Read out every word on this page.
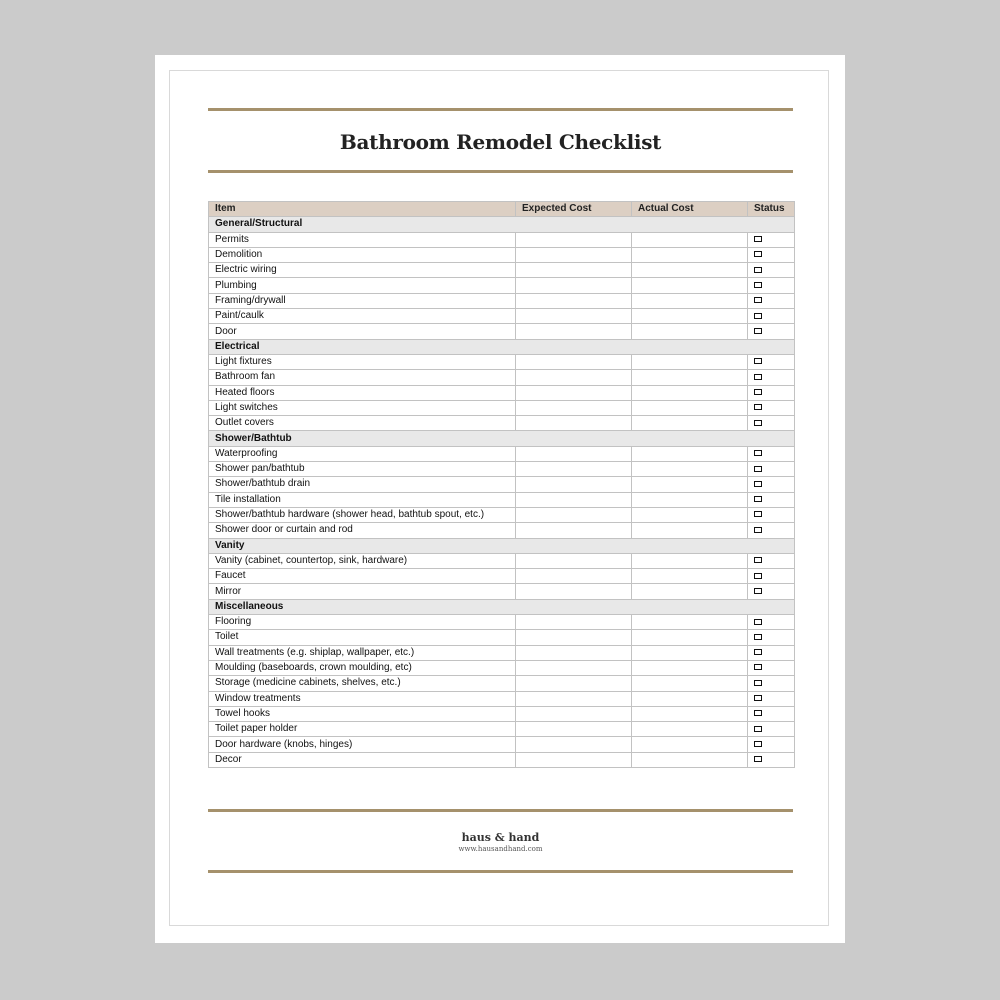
Bathroom Remodel Checklist
Item	Expected Cost	Actual Cost	Status
General/Structural			
Permits			
Demolition			
Electric wiring			
Plumbing			
Framing/drywall			
Paint/caulk			
Door			
Electrical			
Light fixtures			
Bathroom fan			
Heated floors			
Light switches			
Outlet covers			
Shower/Bathtub			
Waterproofing			
Shower pan/bathtub			
Shower/bathtub drain			
Tile installation			
Shower/bathtub hardware (shower head, bathtub spout, etc.)			
Shower door or curtain and rod			
Vanity			
Vanity (cabinet, countertop, sink, hardware)			
Faucet			
Mirror			
Miscellaneous			
Flooring			
Toilet			
Wall treatments (e.g. shiplap, wallpaper, etc.)			
Moulding (baseboards, crown moulding, etc)			
Storage (medicine cabinets, shelves, etc.)			
Window treatments			
Towel hooks			
Toilet paper holder			
Door hardware (knobs, hinges)			
Decor			
haus & hand
www.hausandhand.com
